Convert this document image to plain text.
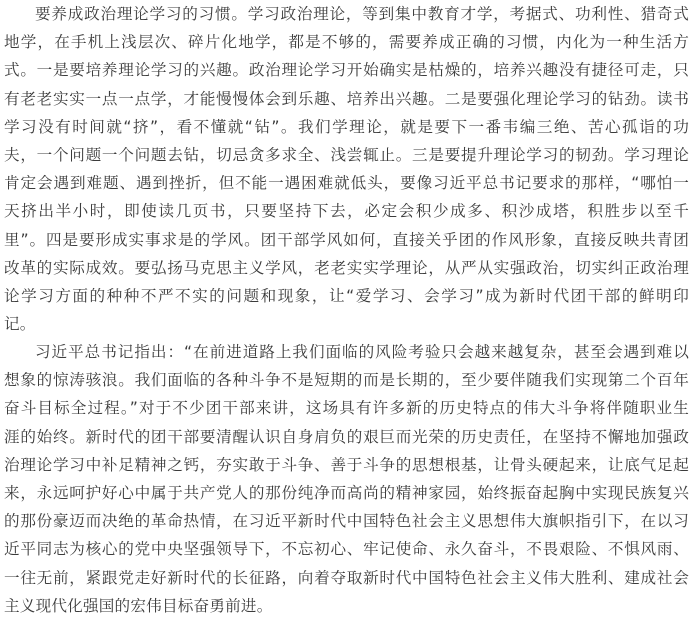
要养成政治理论学习的习惯。学习政治理论，等到集中教育才学，考据式、功利性、猎奇式
地学，在手机上浅层次、碎片化地学，都是不够的，需要养成正确的习惯，内化为一种生活方
式。一是要培养理论学习的兴趣。政治理论学习开始确实是枯燥的，培养兴趣没有捷径可走，只
有老老实实一点一点学，才能慢慢体会到乐趣、培养出兴趣。二是要强化理论学习的钻劲。读书
学习没有时间就“挤”，看不懂就“钻”。我们学理论，就是要下一番韦编三绝、苦心孤诣的功
夫，一个问题一个问题去钻，切忌贪多求全、浅尝辄止。三是要提升理论学习的韧劲。学习理论
肯定会遇到难题、遇到挫折，但不能一遇困难就低头，要像习近平总书记要求的那样，“哪怕一
天挤出半小时，即使读几页书，只要坚持下去，必定会积少成多、积沙成塔，积胜步以至千
里”。四是要形成实事求是的学风。团干部学风如何，直接关乎团的作风形象，直接反映共青团
改革的实际成效。要弘扬马克思主义学风，老老实实学理论，从严从实强政治，切实纠正政治理
论学习方面的种种不严不实的问题和现象，让“爱学习、会学习”成为新时代团干部的鲜明印
记。
习近平总书记指出：“在前进道路上我们面临的风险考验只会越来越复杂，甚至会遇到难以
想象的惊涛骇浪。我们面临的各种斗争不是短期的而是长期的，至少要伴随我们实现第二个百年
奋斗目标全过程。”对于不少团干部来讲，这场具有许多新的历史特点的伟大斗争将伴随职业生
涯的始终。新时代的团干部要清醒认识自身肩负的艰巨而光荣的历史责任，在坚持不懈地加强政
治理论学习中补足精神之钙，夯实敢于斗争、善于斗争的思想根基，让骨头硬起来，让底气足起
来，永远呵护好心中属于共产党人的那份纯净而高尚的精神家园，始终振奋起胸中实现民族复兴
的那份豪迈而决绝的革命热情，在习近平新时代中国特色社会主义思想伟大旗帜指引下，在以习
近平同志为核心的党中央坚强领导下，不忘初心、牢记使命、永久奋斗，不畏艰险、不惧风雨、
一往无前，紧跟党走好新时代的长征路，向着夺取新时代中国特色社会主义伟大胜利、建成社会
主义现代化强国的宏伟目标奋勇前进。
